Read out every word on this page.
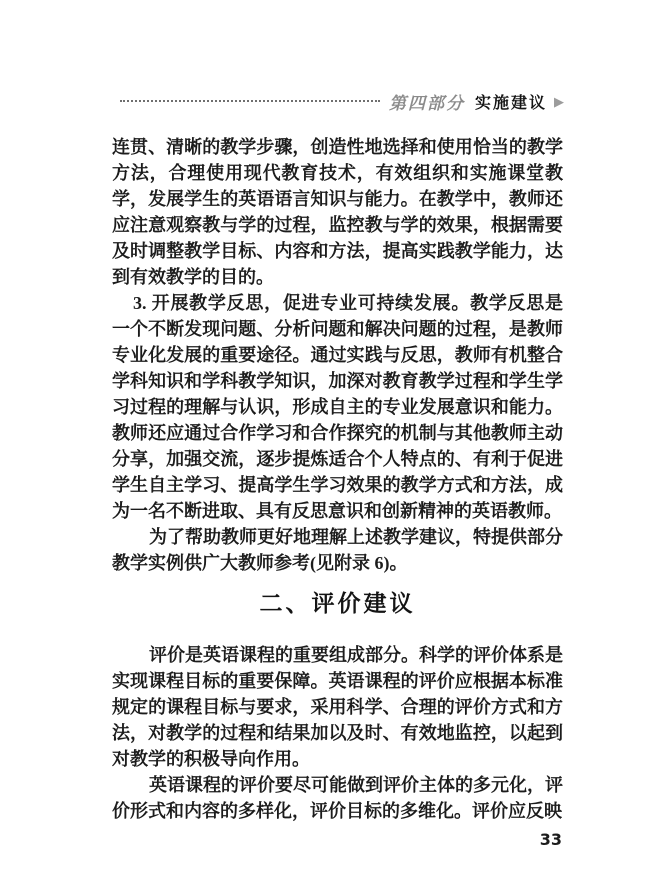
第四部分 实施建议 ▶

连贯、清晰的教学步骤，创造性地选择和使用恰当的教学方法，合理使用现代教育技术，有效组织和实施课堂教学，发展学生的英语语言知识与能力。在教学中，教师还应注意观察教与学的过程，监控教与学的效果，根据需要及时调整教学目标、内容和方法，提高实践教学能力，达到有效教学的目的。

3. 开展教学反思，促进专业可持续发展。教学反思是一个不断发现问题、分析问题和解决问题的过程，是教师专业化发展的重要途径。通过实践与反思，教师有机整合学科知识和学科教学知识，加深对教育教学过程和学生学习过程的理解与认识，形成自主的专业发展意识和能力。教师还应通过合作学习和合作探究的机制与其他教师主动分享，加强交流，逐步提炼适合个人特点的、有利于促进学生自主学习、提高学生学习效果的教学方式和方法，成为一名不断进取、具有反思意识和创新精神的英语教师。

为了帮助教师更好地理解上述教学建议，特提供部分教学实例供广大教师参考(见附录 6)。

二、评价建议

评价是英语课程的重要组成部分。科学的评价体系是实现课程目标的重要保障。英语课程的评价应根据本标准规定的课程目标与要求，采用科学、合理的评价方式和方法，对教学的过程和结果加以及时、有效地监控，以起到对教学的积极导向作用。

英语课程的评价要尽可能做到评价主体的多元化，评价形式和内容的多样化，评价目标的多维化。评价应反映

33
